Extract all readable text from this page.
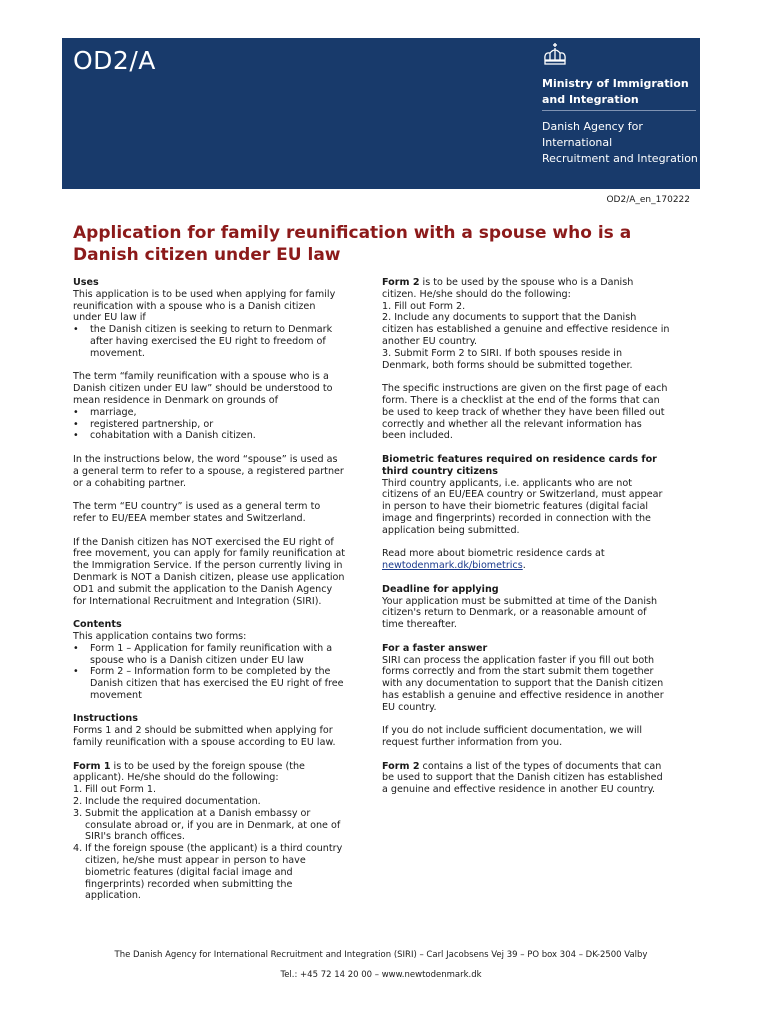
OD2/A
Ministry of Immigration
and Integration
Danish Agency for International
Recruitment and Integration
OD2/A_en_170222
Application for family reunification with a spouse who is a Danish citizen under EU law
Uses
This application is to be used when applying for family
reunification with a spouse who is a Danish citizen
under EU law if
• the Danish citizen is seeking to return to Denmark
after having exercised the EU right to freedom of
movement.
The term “family reunification with a spouse who is a
Danish citizen under EU law” should be understood to
mean residence in Denmark on grounds of
• marriage,
• registered partnership, or
• cohabitation with a Danish citizen.

In the instructions below, the word “spouse” is used as
a general term to refer to a spouse, a registered partner
or a cohabiting partner.

The term “EU country” is used as a general term to
refer to EU/EEA member states and Switzerland.

If the Danish citizen has NOT exercised the EU right of
free movement, you can apply for family reunification at
the Immigration Service. If the person currently living in
Denmark is NOT a Danish citizen, please use application
OD1 and submit the application to the Danish Agency
for International Recruitment and Integration (SIRI).

Contents
This application contains two forms:
• Form 1 – Application for family reunification with a
spouse who is a Danish citizen under EU law
• Form 2 – Information form to be completed by the
Danish citizen that has exercised the EU right of free
movement
Instructions

Forms 1 and 2 should be submitted when applying for
family reunification with a spouse according to EU law.

Form 1 is to be used by the foreign spouse (the
applicant). He/she should do the following:
1. Fill out Form 1.
2. Include the required documentation.
3. Submit the application at a Danish embassy or
consulate abroad or, if you are in Denmark, at one of
SIRI's branch offices.
4. If the foreign spouse (the applicant) is a third country
citizen, he/she must appear in person to have
biometric features (digital facial image and
fingerprints) recorded when submitting the
application.

Form 2 is to be used by the spouse who is a Danish
citizen. He/she should do the following:
1. Fill out Form 2.
2. Include any documents to support that the Danish
citizen has established a genuine and effective residence in
another EU country.
3. Submit Form 2 to SIRI. If both spouses reside in
Denmark, both forms should be submitted together.

The specific instructions are given on the first page of each
form. There is a checklist at the end of the forms that can
be used to keep track of whether they have been filled out
correctly and whether all the relevant information has
been included.

Biometric features required on residence cards for
third country citizens

Third country applicants, i.e. applicants who are not
citizens of an EU/EEA country or Switzerland, must appear
in person to have their biometric features (digital facial
image and fingerprints) recorded in connection with the
application being submitted.

Read more about biometric residence cards at
newtodenmark.dk/biometrics.

Deadline for applying

Your application must be submitted at time of the Danish
citizen's return to Denmark, or a reasonable amount of
time thereafter.

For a faster answer

SIRI can process the application faster if you fill out both
forms correctly and from the start submit them together
with any documentation to support that the Danish citizen
has establish a genuine and effective residence in another
EU country.

If you do not include sufficient documentation, we will
request further information from you.

Form 2 contains a list of the types of documents that can
be used to support that the Danish citizen has established
a genuine and effective residence in another EU country.

The Danish Agency for International Recruitment and Integration (SIRI) – Carl Jacobsens Vej 39 – PO box 304 – DK-2500 Valby
Tel.: +45 72 14 20 00 – www.newtodenmark.dk
